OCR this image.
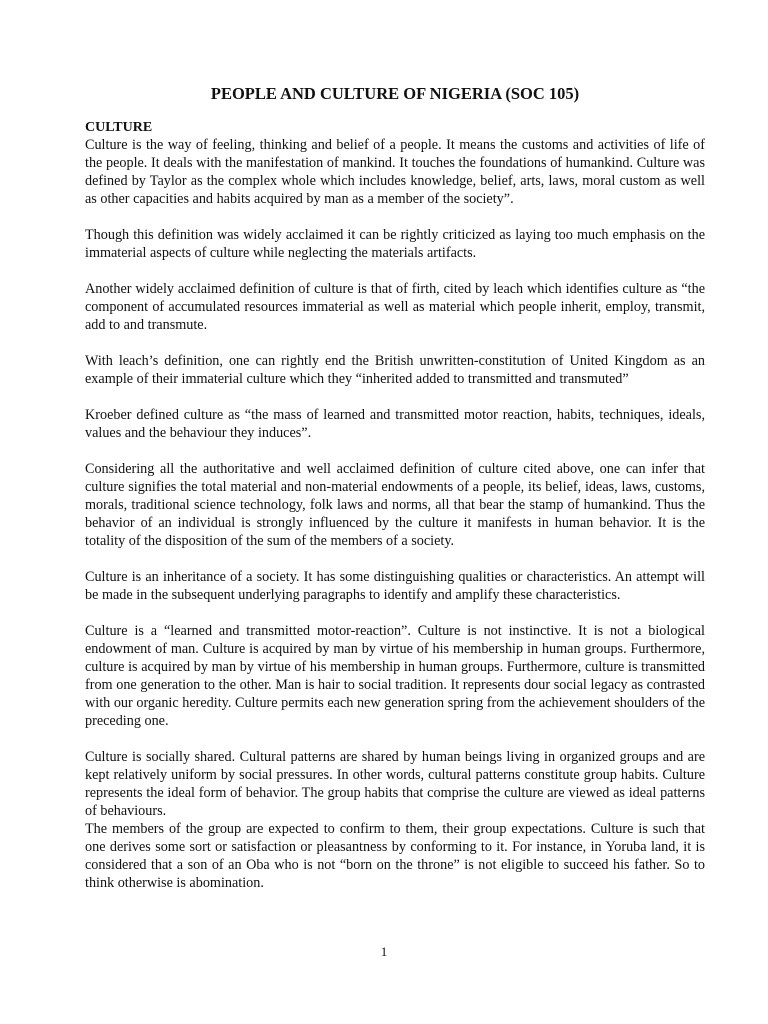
PEOPLE AND CULTURE OF NIGERIA (SOC 105)
CULTURE

Culture is the way of feeling, thinking and belief of a people. It means the customs and activities of life of the people. It deals with the manifestation of mankind. It touches the foundations of humankind. Culture was defined by Taylor as the complex whole which includes knowledge, belief, arts, laws, moral custom as well as other capacities and habits acquired by man as a member of the society”.

Though this definition was widely acclaimed it can be rightly criticized as laying too much emphasis on the immaterial aspects of culture while neglecting the materials artifacts.

Another widely acclaimed definition of culture is that of firth, cited by leach which identifies culture as “the component of accumulated resources immaterial as well as material which people inherit, employ, transmit, add to and transmute.

With leach’s definition, one can rightly end the British unwritten-constitution of United Kingdom as an example of their immaterial culture which they “inherited added to transmitted and transmuted”

Kroeber defined culture as “the mass of learned and transmitted motor reaction, habits, techniques, ideals, values and the behaviour they induces”.

Considering all the authoritative and well acclaimed definition of culture cited above, one can infer that culture signifies the total material and non-material endowments of a people, its belief, ideas, laws, customs, morals, traditional science technology, folk laws and norms, all that bear the stamp of humankind. Thus the behavior of an individual is strongly influenced by the culture it manifests in human behavior. It is the totality of the disposition of the sum of the members of a society.

Culture is an inheritance of a society. It has some distinguishing qualities or characteristics. An attempt will be made in the subsequent underlying paragraphs to identify and amplify these characteristics.

Culture is a “learned and transmitted motor-reaction”. Culture is not instinctive. It is not a biological endowment of man. Culture is acquired by man by virtue of his membership in human groups. Furthermore, culture is acquired by man by virtue of his membership in human groups. Furthermore, culture is transmitted from one generation to the other. Man is hair to social tradition. It represents dour social legacy as contrasted with our organic heredity. Culture permits each new generation spring from the achievement shoulders of the preceding one.

Culture is socially shared. Cultural patterns are shared by human beings living in organized groups and are kept relatively uniform by social pressures. In other words, cultural patterns constitute group habits. Culture represents the ideal form of behavior. The group habits that comprise the culture are viewed as ideal patterns of behaviours.

The members of the group are expected to confirm to them, their group expectations. Culture is such that one derives some sort or satisfaction or pleasantness by conforming to it. For instance, in Yoruba land, it is considered that a son of an Oba who is not “born on the throne” is not eligible to succeed his father. So to think otherwise is abomination.

1
